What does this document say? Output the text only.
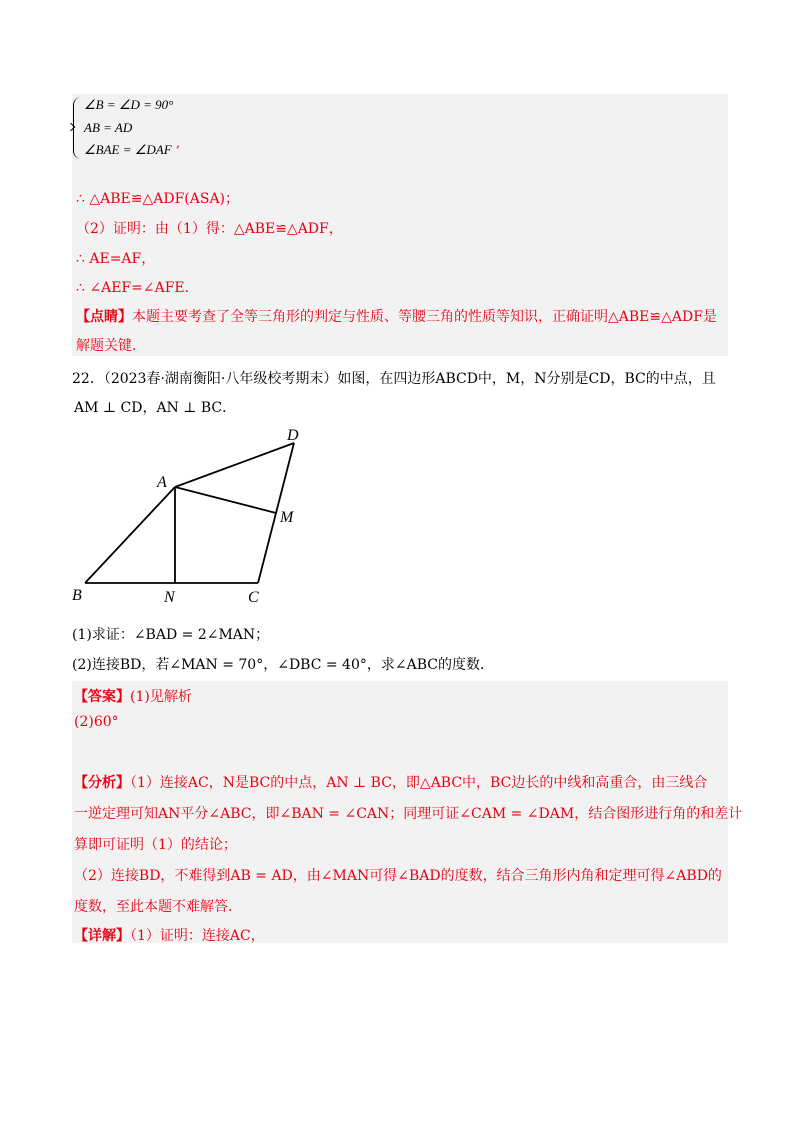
∠B = ∠D = 90°
AB = AD
∠BAE = ∠DAF ,
∴ △ABE≌△ADF(ASA)；
（2）证明：由（1）得：△ABE≌△ADF，
∴ AE=AF，
∴ ∠AEF=∠AFE．
【点睛】本题主要考查了全等三角形的判定与性质、等腰三角的性质等知识，正确证明△ABE≌△ADF是
解题关键．
22．（2023春·湖南衡阳·八年级校考期末）如图，在四边形ABCD中，M，N分别是CD，BC的中点，且
AM ⊥ CD，AN ⊥ BC．
A
B	C
D
M
N
(1)求证：∠BAD = 2∠MAN；
(2)连接BD，若∠MAN = 70°，∠DBC = 40°，求∠ABC的度数．
【答案】(1)见解析
(2)60°
【分析】（1）连接AC，N是BC的中点，AN ⊥ BC，即△ABC中，BC边长的中线和高重合，由三线合
一逆定理可知AN平分∠ABC，即∠BAN = ∠CAN；同理可证∠CAM = ∠DAM，结合图形进行角的和差计
算即可证明（1）的结论；
（2）连接BD，不难得到AB = AD，由∠MAN可得∠BAD的度数，结合三角形内角和定理可得∠ABD的
度数，至此本题不难解答．
【详解】（1）证明：连接AC，
